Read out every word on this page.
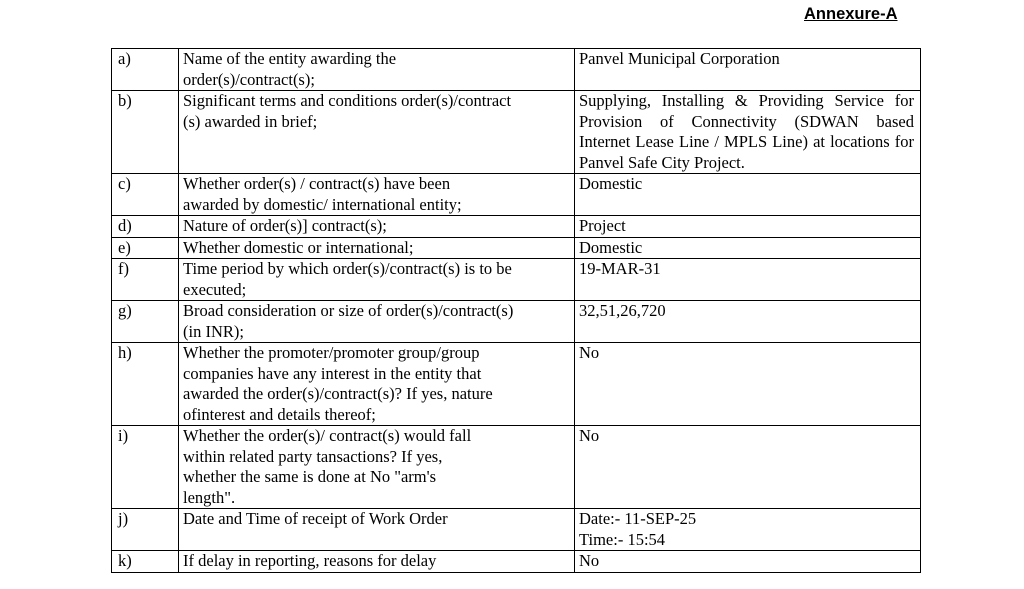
Annexure-A
a)	Name of the entity awarding the
order(s)/contract(s);	Panvel Municipal Corporation

b)	Significant terms and conditions order(s)/contract
(s) awarded in brief;	Supplying, Installing & Providing Service for Provision of Connectivity (SDWAN based Internet Lease Line / MPLS Line) at locations for Panvel Safe City Project.

c)	Whether order(s) / contract(s) have been
awarded by domestic/ international entity;	Domestic

d)	Nature of order(s)] contract(s);	Project

e)	Whether domestic or international;	Domestic

f)	Time period by which order(s)/contract(s) is to be
executed;	19-MAR-31

g)	Broad consideration or size of order(s)/contract(s)
(in INR);	32,51,26,720

h)	Whether the promoter/promoter group/group
companies have any interest in the entity that
awarded the order(s)/contract(s)? If yes, nature
ofinterest and details thereof;	No

i)	Whether the order(s)/ contract(s) would fall
within related party tansactions? If yes,
whether the same is done at No "arm's
length".	No

j)	Date and Time of receipt of Work Order	Date:- 11-SEP-25
Time:- 15:54

k)	If delay in reporting, reasons for delay	No
